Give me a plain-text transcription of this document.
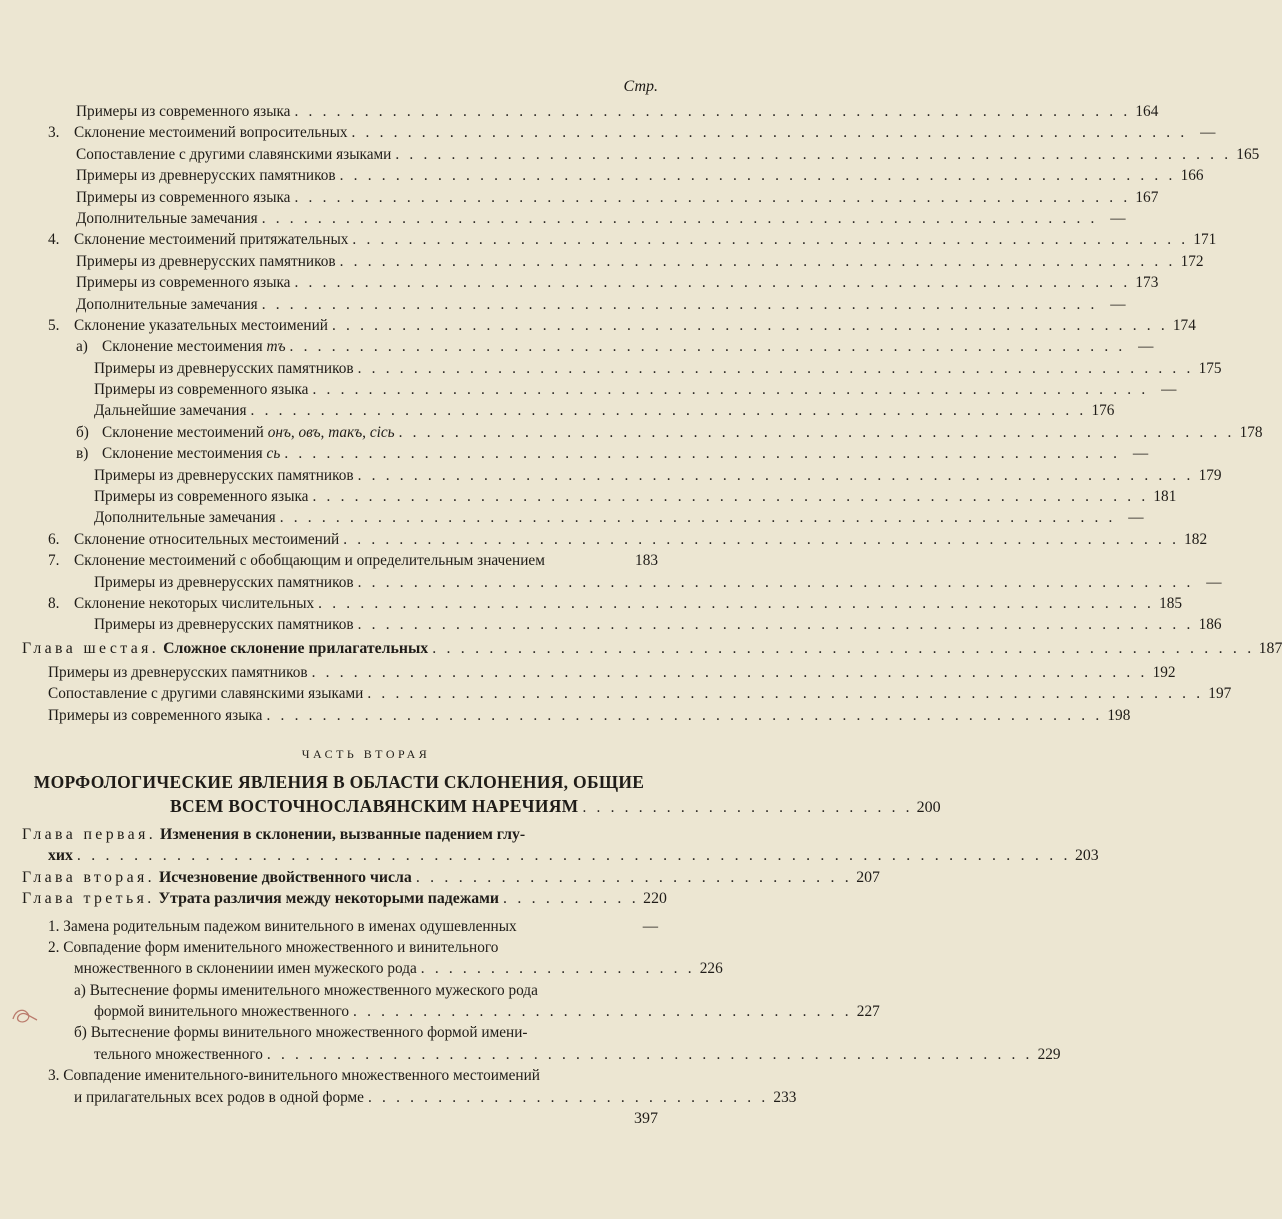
Стр.
Примеры из современного языка . . . . . . . . . . . . . . . . . . . . . . . . . . . . . . . . . . . . . . . . . . . . . . . . . . . . . . . . . . . . 164
3. Склонение местоимений вопросительных . . . . . . . . . . . . . . . . . . . . . . . . . . . . . . . . . . . . . . . . . . . . . . . . . . . . . . . . . . . . —
Сопоставление с другими славянскими языками . . . . . . . . . . . . . . . . . . . . . . . . . . . . . . . . . . . . . . . . . . . . . . . . . . . . . . . . . . . . 165
Примеры из древнерусских памятников . . . . . . . . . . . . . . . . . . . . . . . . . . . . . . . . . . . . . . . . . . . . . . . . . . . . . . . . . . . . 166
Примеры из современного языка . . . . . . . . . . . . . . . . . . . . . . . . . . . . . . . . . . . . . . . . . . . . . . . . . . . . . . . . . . . . 167
Дополнительные замечания . . . . . . . . . . . . . . . . . . . . . . . . . . . . . . . . . . . . . . . . . . . . . . . . . . . . . . . . . . . . —
4. Склонение местоимений притяжательных . . . . . . . . . . . . . . . . . . . . . . . . . . . . . . . . . . . . . . . . . . . . . . . . . . . . . . . . . . . . 171
Примеры из древнерусских памятников . . . . . . . . . . . . . . . . . . . . . . . . . . . . . . . . . . . . . . . . . . . . . . . . . . . . . . . . . . . . 172
Примеры из современного языка . . . . . . . . . . . . . . . . . . . . . . . . . . . . . . . . . . . . . . . . . . . . . . . . . . . . . . . . . . . . 173
Дополнительные замечания . . . . . . . . . . . . . . . . . . . . . . . . . . . . . . . . . . . . . . . . . . . . . . . . . . . . . . . . . . . . —
5. Склонение указательных местоимений . . . . . . . . . . . . . . . . . . . . . . . . . . . . . . . . . . . . . . . . . . . . . . . . . . . . . . . . . . . . 174
а) Склонение местоимения тъ . . . . . . . . . . . . . . . . . . . . . . . . . . . . . . . . . . . . . . . . . . . . . . . . . . . . . . . . . . . . —
Примеры из древнерусских памятников . . . . . . . . . . . . . . . . . . . . . . . . . . . . . . . . . . . . . . . . . . . . . . . . . . . . . . . . . . . . 175
Примеры из современного языка . . . . . . . . . . . . . . . . . . . . . . . . . . . . . . . . . . . . . . . . . . . . . . . . . . . . . . . . . . . . —
Дальнейшие замечания . . . . . . . . . . . . . . . . . . . . . . . . . . . . . . . . . . . . . . . . . . . . . . . . . . . . . . . . . . . . 176
б) Склонение местоимений онъ, овъ, такъ, сіcь . . . . . . . . . . . . . . . . . . . . . . . . . . . . . . . . . . . . . . . . . . . . . . . . . . . . . . . . . . . . 178
в) Склонение местоимения сь . . . . . . . . . . . . . . . . . . . . . . . . . . . . . . . . . . . . . . . . . . . . . . . . . . . . . . . . . . . . —
Примеры из древнерусских памятников . . . . . . . . . . . . . . . . . . . . . . . . . . . . . . . . . . . . . . . . . . . . . . . . . . . . . . . . . . . . 179
Примеры из современного языка . . . . . . . . . . . . . . . . . . . . . . . . . . . . . . . . . . . . . . . . . . . . . . . . . . . . . . . . . . . . 181
Дополнительные замечания . . . . . . . . . . . . . . . . . . . . . . . . . . . . . . . . . . . . . . . . . . . . . . . . . . . . . . . . . . . . —
6. Склонение относительных местоимений . . . . . . . . . . . . . . . . . . . . . . . . . . . . . . . . . . . . . . . . . . . . . . . . . . . . . . . . . . . . 182
7. Склонение местоимений с обобщающим и определительным значением	183
Примеры из древнерусских памятников . . . . . . . . . . . . . . . . . . . . . . . . . . . . . . . . . . . . . . . . . . . . . . . . . . . . . . . . . . . . —
8. Склонение некоторых числительных . . . . . . . . . . . . . . . . . . . . . . . . . . . . . . . . . . . . . . . . . . . . . . . . . . . . . . . . . . . . 185
Примеры из древнерусских памятников . . . . . . . . . . . . . . . . . . . . . . . . . . . . . . . . . . . . . . . . . . . . . . . . . . . . . . . . . . . . 186
Глава шестая. Сложное склонение прилагательных . . . . . . . . . . . . . . . . . . . . . . . . . . . . . . . . . . . . . . . . . . . . . . . . . . . . . . . . . . 187
Примеры из древнерусских памятников . . . . . . . . . . . . . . . . . . . . . . . . . . . . . . . . . . . . . . . . . . . . . . . . . . . . . . . . . . . . 192
Сопоставление с другими славянскими языками . . . . . . . . . . . . . . . . . . . . . . . . . . . . . . . . . . . . . . . . . . . . . . . . . . . . . . . . . . . . 197
Примеры из современного языка . . . . . . . . . . . . . . . . . . . . . . . . . . . . . . . . . . . . . . . . . . . . . . . . . . . . . . . . . . . . 198
ЧАСТЬ ВТОРАЯ
МОРФОЛОГИЧЕСКИЕ ЯВЛЕНИЯ В ОБЛАСТИ СКЛОНЕНИЯ, ОБЩИЕ
ВСЕМ ВОСТОЧНОСЛАВЯНСКИМ НАРЕЧИЯМ . . . . . . . . . . . . . . . . . . . . . . . . 200
Глава первая. Изменения в склонении, вызванные падением глу-
хих . . . . . . . . . . . . . . . . . . . . . . . . . . . . . . . . . . . . . . . . . . . . . . . . . . . . . . . . . . . . . . . . . . . . . . 203
Глава вторая. Исчезновение двойственного числа . . . . . . . . . . . . . . . . . . . . . . . . . . . . . . . 207
Глава третья. Утрата различия между некоторыми падежами . . . . . . . . . . 220
1. Замена родительным падежом винительного в именах одушевленных	—
2. Совпадение форм именительного множественного и винительного
множественного в склонениии имен мужеского рода . . . . . . . . . . . . . . . . . . . . 226
а) Вытеснение формы именительного множественного мужеского рода
формой винительного множественного . . . . . . . . . . . . . . . . . . . . . . . . . . . . . . . . . . . . 227
б) Вытеснение формы винительного множественного формой имени-
тельного множественного . . . . . . . . . . . . . . . . . . . . . . . . . . . . . . . . . . . . . . . . . . . . . . . . . . . . . . . 229
3. Совпадение именительного-винительного множественного местоимений
и прилагательных всех родов в одной форме . . . . . . . . . . . . . . . . . . . . . . . . . . . . . 233
397
